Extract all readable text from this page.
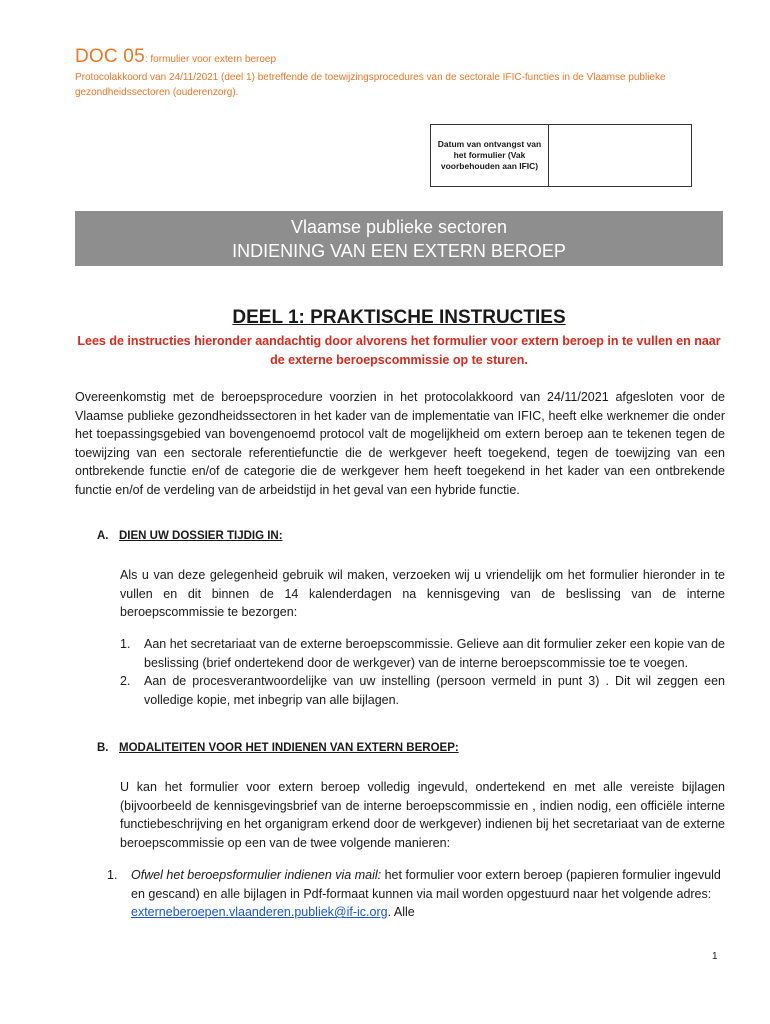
DOC 05: formulier voor extern beroep
Protocolakkoord van 24/11/2021 (deel 1) betreffende de toewijzingsprocedures van de sectorale IFIC-functies in de Vlaamse publieke gezondheidssectoren (ouderenzorg).
Datum van ontvangst van het formulier (Vak voorbehouden aan IFIC)	
Vlaamse publieke sectoren
INDIENING VAN EEN EXTERN BEROEP
DEEL 1: PRAKTISCHE INSTRUCTIES
Lees de instructies hieronder aandachtig door alvorens het formulier voor extern beroep in te vullen en naar de externe beroepscommissie op te sturen.
Overeenkomstig met de beroepsprocedure voorzien in het protocolakkoord van 24/11/2021 afgesloten voor de Vlaamse publieke gezondheidssectoren in het kader van de implementatie van IFIC, heeft elke werknemer die onder het toepassingsgebied van bovengenoemd protocol valt de mogelijkheid om extern beroep aan te tekenen tegen de toewijzing van een sectorale referentiefunctie die de werkgever heeft toegekend, tegen de toewijzing van een ontbrekende functie en/of de categorie die de werkgever hem heeft toegekend in het kader van een ontbrekende functie en/of de verdeling van de arbeidstijd in het geval van een hybride functie.
A. DIEN UW DOSSIER TIJDIG IN:
Als u van deze gelegenheid gebruik wil maken, verzoeken wij u vriendelijk om het formulier hieronder in te vullen en dit binnen de 14 kalenderdagen na kennisgeving van de beslissing van de interne beroepscommissie te bezorgen:
1. Aan het secretariaat van de externe beroepscommissie. Gelieve aan dit formulier zeker een kopie van de beslissing (brief ondertekend door de werkgever) van de interne beroepscommissie toe te voegen.
2. Aan de procesverantwoordelijke van uw instelling (persoon vermeld in punt 3) . Dit wil zeggen een volledige kopie, met inbegrip van alle bijlagen.
B. MODALITEITEN VOOR HET INDIENEN VAN EXTERN BEROEP:
U kan het formulier voor extern beroep volledig ingevuld, ondertekend en met alle vereiste bijlagen (bijvoorbeeld de kennisgevingsbrief van de interne beroepscommissie en , indien nodig, een officiële interne functiebeschrijving en het organigram erkend door de werkgever) indienen bij het secretariaat van de externe beroepscommissie op een van de twee volgende manieren:
1. Ofwel het beroepsformulier indienen via mail: het formulier voor extern beroep (papieren formulier ingevuld en gescand) en alle bijlagen in Pdf-formaat kunnen via mail worden opgestuurd naar het volgende adres: externeberoepen.vlaanderen.publiek@if-ic.org. Alle
1
